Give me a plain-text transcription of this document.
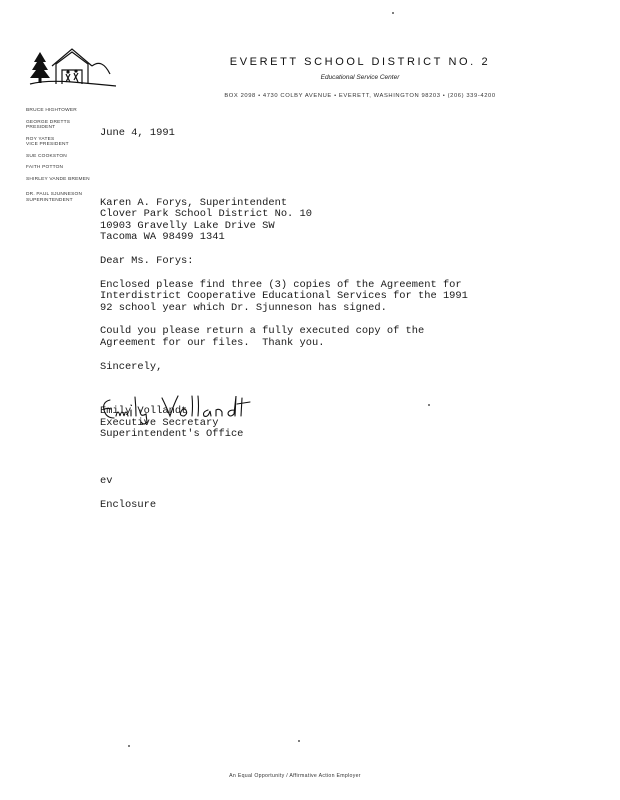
EVERETT SCHOOL DISTRICT NO. 2
Educational Service Center
BOX 2098 • 4730 COLBY AVENUE • EVERETT, WASHINGTON 98203 • (206) 339-4200
BRUCE HIGHTOWER
GEORGE DRETTS
PRESIDENT
ROY YATES
VICE PRESIDENT
SUE COOKSTON
FAITH POTTON
SHIRLEY VANDE BREMEN
DR. PAUL SJUNNESON
SUPERINTENDENT
June 4, 1991
Karen A. Forys, Superintendent
Clover Park School District No. 10
10903 Gravelly Lake Drive SW
Tacoma WA 98499 1341
Dear Ms. Forys:
Enclosed please find three (3) copies of the Agreement for
Interdistrict Cooperative Educational Services for the 1991
92 school year which Dr. Sjunneson has signed.
Could you please return a fully executed copy of the
Agreement for our files.  Thank you.
Sincerely,
Emily Vollandt
Executive Secretary
Superintendent's Office
ev
Enclosure
An Equal Opportunity / Affirmative Action Employer
